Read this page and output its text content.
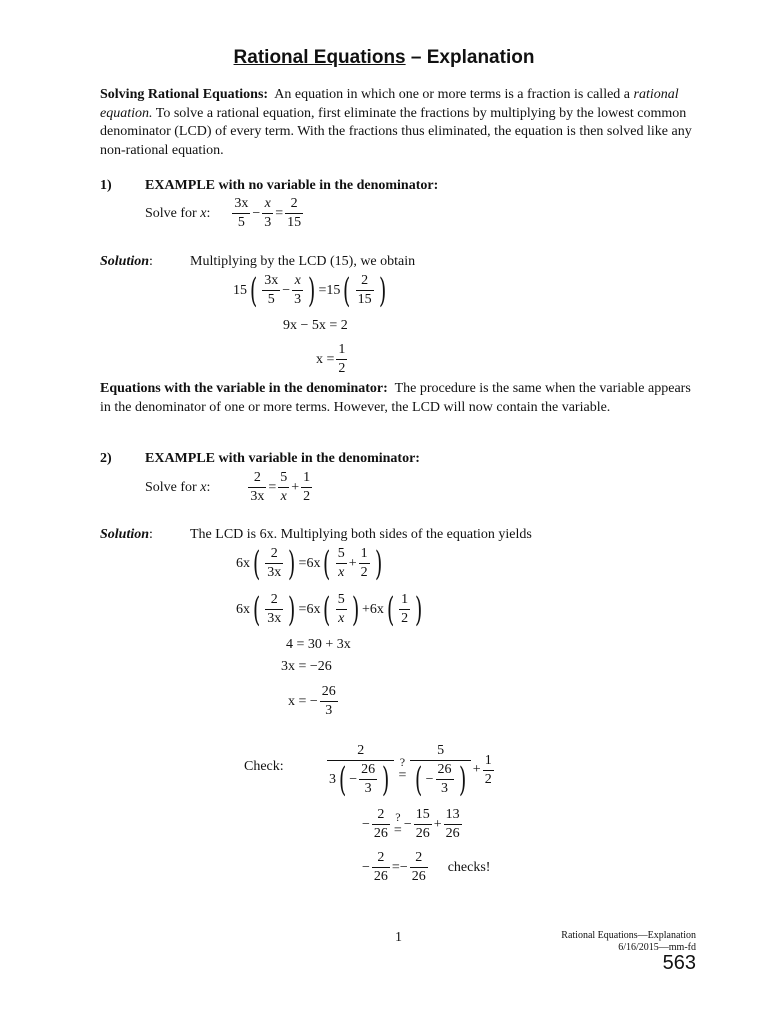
Rational Equations – Explanation
Solving Rational Equations: An equation in which one or more terms is a fraction is called a rational equation. To solve a rational equation, first eliminate the fractions by multiplying by the lowest common denominator (LCD) of every term. With the fractions thus eliminated, the equation is then solved like any non-rational equation.
1) EXAMPLE with no variable in the denominator:
Solve for
x : $\frac{3x}{5} - \frac{x}{3} = \frac{2}{15}$
Solution:	Multiplying by the LCD (15), we obtain
15 ( $\frac{3x}{5} - \frac{x}{3}$ ) = 15 ( $\frac{2}{15}$ )
9x − 5x = 2
$x = \frac{1}{2}$
Equations with the variable in the denominator: The procedure is the same when the variable appears in the denominator of one or more terms. However, the LCD will now contain the variable.
2) EXAMPLE with variable in the denominator:
Solve for
x :	$\frac{2}{3x} = \frac{5}{x} + \frac{1}{2}$
Solution:	The LCD is 6x. Multiplying both sides of the equation yields
6x ( $\frac{2}{3x}$ ) = 6x ( $\frac{5}{x} + \frac{1}{2}$ )
6x ( $\frac{2}{3x}$ ) = 6x ( $\frac{5}{x}$ ) + 6x ( $\frac{1}{2}$ )
4 = 30 + 3x
3x = −26
x = − $\frac{26}{3}$
Check:	$\frac{2}{3 ( - \frac{26}{3} )}$ ?
= $\frac{5}{( - \frac{26}{3} )} + \frac{1}{2}$
− $\frac{2}{26}$ ?
= − $\frac{15}{26} + \frac{13}{26}$
− $\frac{2}{26}$ = − $\frac{2}{26}$ checks!
1	Rational Equations—Explanation
6/16/2015—mm-fd
563
